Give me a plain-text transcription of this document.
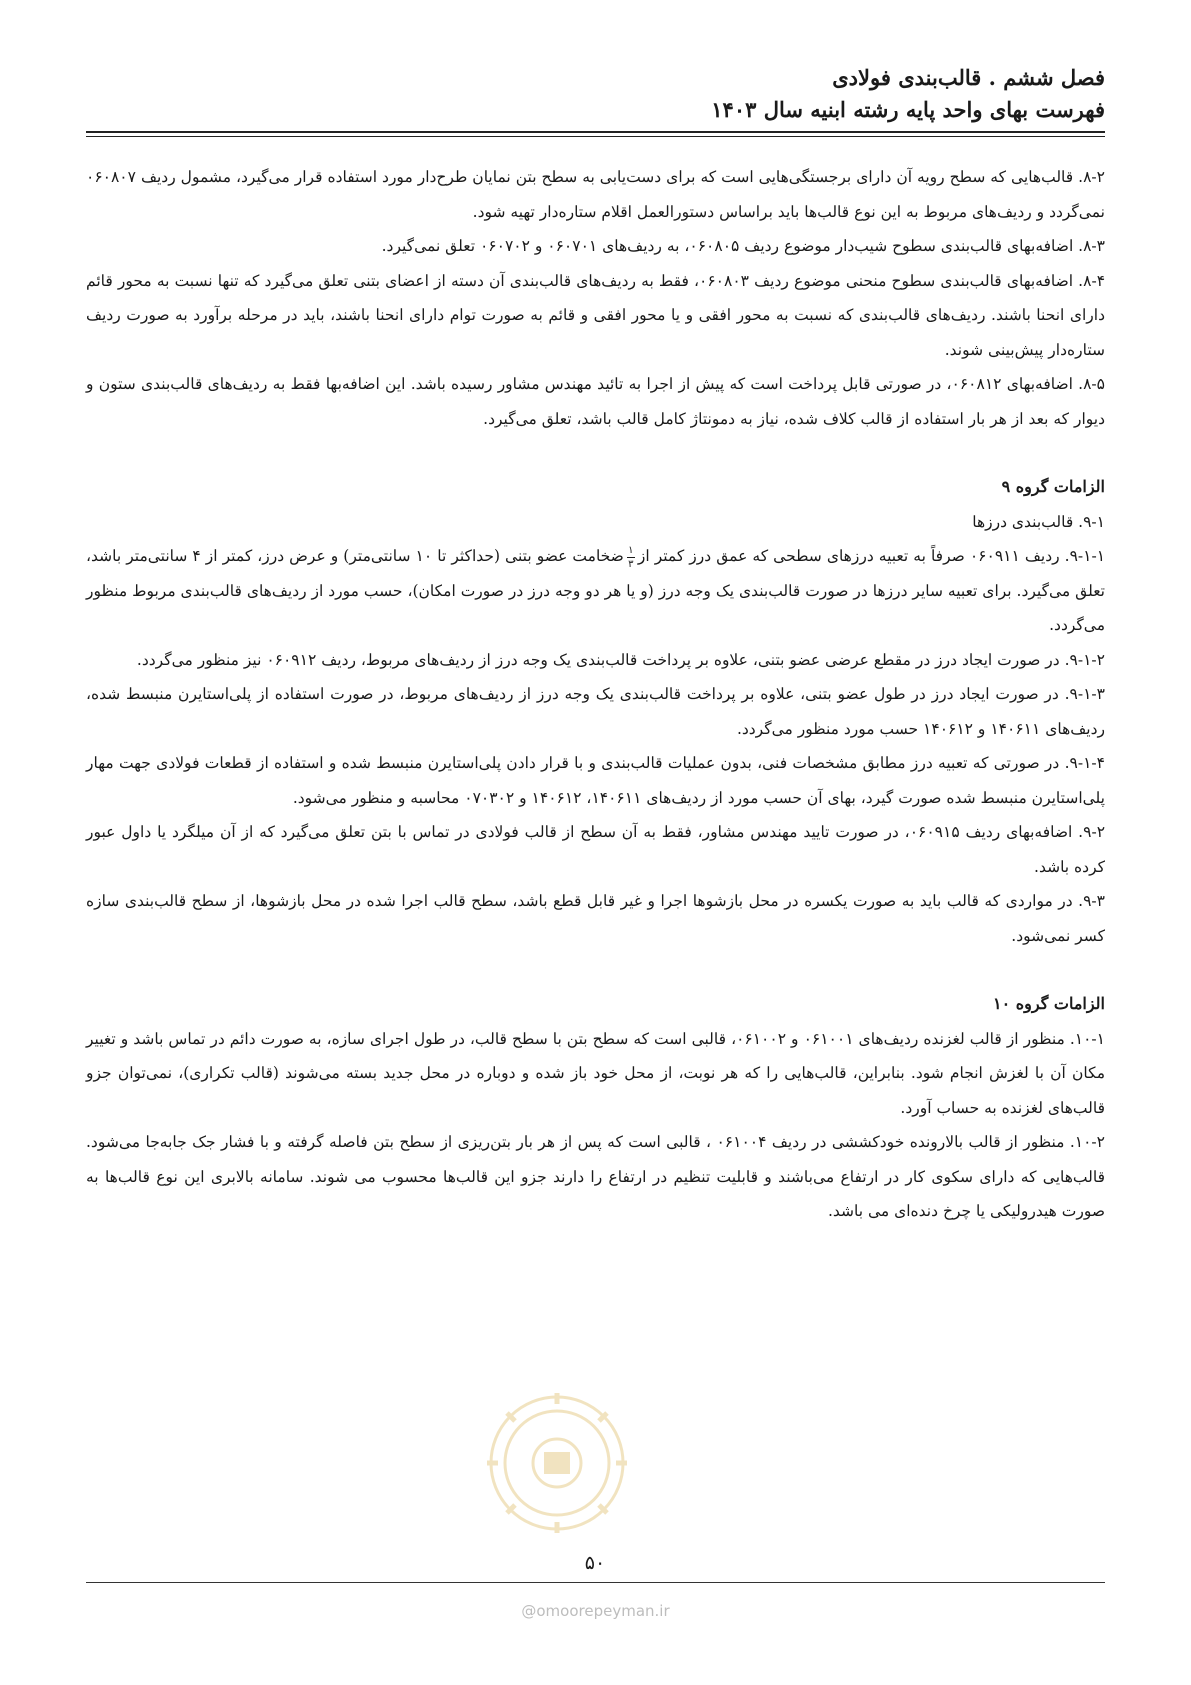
فصل ششم . قالب‌بندی فولادی
فهرست بهای واحد پایه رشته ابنیه سال ۱۴۰۳

۸-۲. قالب‌هایی که سطح رویه آن دارای برجستگی‌هایی است که برای دست‌یابی به سطح بتن نمایان طرح‌دار مورد استفاده قرار می‌گیرد، مشمول ردیف ۰۶۰۸۰۷ نمی‌گردد و ردیف‌های مربوط به این نوع قالب‌ها باید براساس دستورالعمل اقلام ستاره‌دار تهیه شود.

۸-۳. اضافه‌بهای قالب‌بندی سطوح شیب‌دار موضوع ردیف ۰۶۰۸۰۵، به ردیف‌های ۰۶۰۷۰۱ و ۰۶۰۷۰۲ تعلق نمی‌گیرد.

۸-۴. اضافه‌بهای قالب‌بندی سطوح منحنی موضوع ردیف ۰۶۰۸۰۳، فقط به ردیف‌های قالب‌بندی آن دسته از اعضای بتنی تعلق می‌گیرد که تنها نسبت به محور قائم دارای انحنا باشند. ردیف‌های قالب‌بندی که نسبت به محور افقی و یا محور افقی و قائم به صورت توام دارای انحنا باشند، باید در مرحله برآورد به صورت ردیف ستاره‌دار پیش‌بینی شوند.

۸-۵. اضافه‌بهای ۰۶۰۸۱۲، در صورتی قابل پرداخت است که پیش از اجرا به تائید مهندس مشاور رسیده باشد. این اضافه‌بها فقط به ردیف‌های قالب‌بندی ستون و دیوار که بعد از هر بار استفاده از قالب کلاف شده، نیاز به دمونتاژ کامل قالب باشد، تعلق می‌گیرد.

الزامات گروه ۹

۹-۱. قالب‌بندی درزها

۹-۱-۱. ردیف ۰۶۰۹۱۱ صرفاً به تعبیه درزهای سطحی که عمق درز کمتر از
$\frac{۱}{۳}$
ضخامت عضو بتنی (حداکثر تا ۱۰ سانتی‌متر) و عرض درز، کمتر از ۴ سانتی‌متر باشد، تعلق می‌گیرد. برای تعبیه سایر درزها در صورت قالب‌بندی یک وجه درز (و یا هر دو وجه درز در صورت امکان)، حسب مورد از ردیف‌های قالب‌بندی مربوط منظور می‌گردد.

۹-۱-۲. در صورت ایجاد درز در مقطع عرضی عضو بتنی، علاوه بر پرداخت قالب‌بندی یک وجه درز از ردیف‌های مربوط، ردیف ۰۶۰۹۱۲ نیز منظور می‌گردد.

۹-۱-۳. در صورت ایجاد درز در طول عضو بتنی، علاوه بر پرداخت قالب‌بندی یک وجه درز از ردیف‌های مربوط، در صورت استفاده از پلی‌استایرن منبسط شده، ردیف‌های ۱۴۰۶۱۱ و ۱۴۰۶۱۲ حسب مورد منظور می‌گردد.

۹-۱-۴. در صورتی که تعبیه درز مطابق مشخصات فنی، بدون عملیات قالب‌بندی و با قرار دادن پلی‌استایرن منبسط شده و استفاده از قطعات فولادی جهت مهار پلی‌استایرن منبسط شده صورت گیرد، بهای آن حسب مورد از ردیف‌های ۱۴۰۶۱۱، ۱۴۰۶۱۲ و ۰۷۰۳۰۲ محاسبه و منظور می‌شود.

۹-۲. اضافه‌بهای ردیف ۰۶۰۹۱۵، در صورت تایید مهندس مشاور، فقط به آن سطح از قالب فولادی در تماس با بتن تعلق می‌گیرد که از آن میلگرد یا داول عبور کرده باشد.

۹-۳. در مواردی که قالب باید به صورت یکسره در محل بازشوها اجرا و غیر قابل قطع باشد، سطح قالب اجرا شده در محل بازشوها، از سطح قالب‌بندی سازه کسر نمی‌شود.

الزامات گروه ۱۰

۱۰-۱. منظور از قالب لغزنده ردیف‌های ۰۶۱۰۰۱ و ۰۶۱۰۰۲، قالبی است که سطح بتن با سطح قالب، در طول اجرای سازه، به صورت دائم در تماس باشد و تغییر مکان آن با لغزش انجام شود. بنابراین، قالب‌هایی را که هر نوبت، از محل خود باز شده و دوباره در محل جدید بسته می‌شوند (قالب تکراری)، نمی‌توان جزو قالب‌های لغزنده به حساب آورد.

۱۰-۲. منظور از قالب بالارونده خودکششی در ردیف ۰۶۱۰۰۴ ، قالبی است که پس از هر بار بتن‌ریزی از سطح بتن فاصله گرفته و با فشار جک جابه‌جا می‌شود. قالب‌هایی که دارای سکوی کار در ارتفاع می‌باشند و قابلیت تنظیم در ارتفاع را دارند جزو این قالب‌ها محسوب می شوند. سامانه بالابری این نوع قالب‌ها به صورت هیدرولیکی یا چرخ دنده‌ای می باشد.

۵۰
@omoorepeyman.ir
